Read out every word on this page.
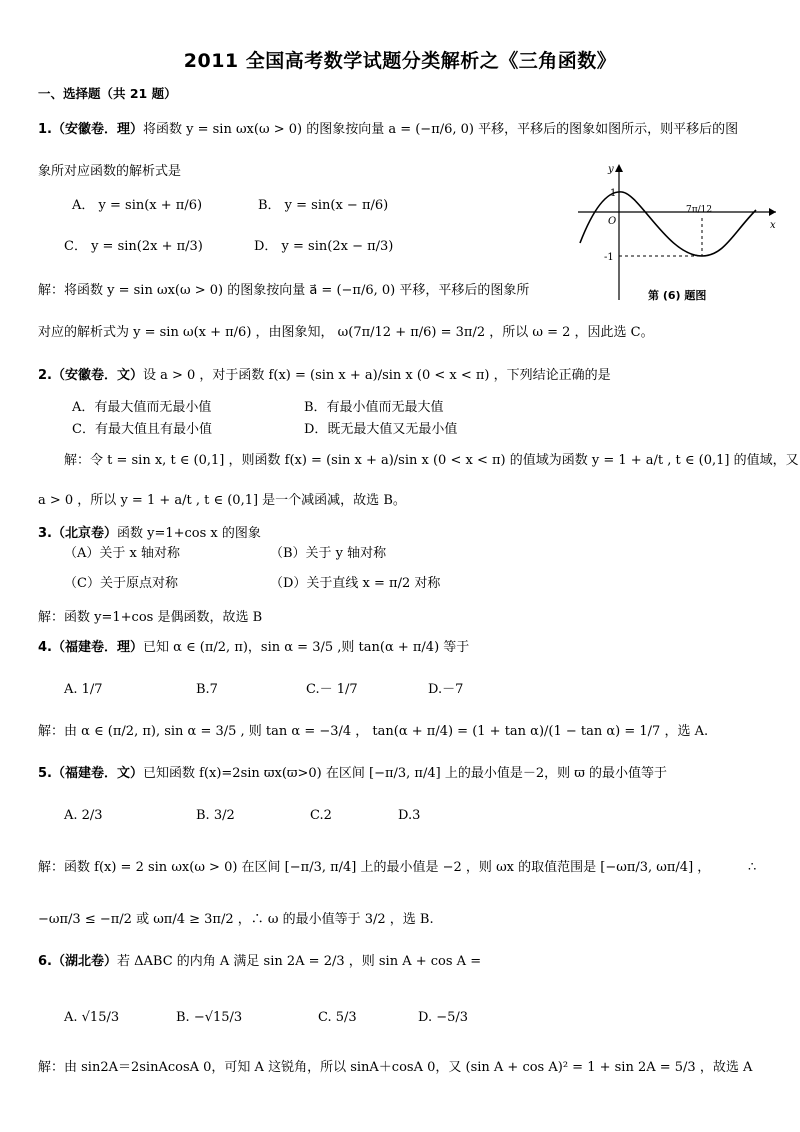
2011 全国高考数学试题分类解析之《三角函数》
一、选择题（共 21 题）
1.（安徽卷．理）将函数 y = sin ωx(ω > 0) 的图象按向量 a = (−π/6, 0) 平移，平移后的图象如图所示，则平移后的图
象所对应函数的解析式是
A． y = sin(x + π/6)	B． y = sin(x − π/6)
C． y = sin(2x + π/3)	D． y = sin(2x − π/3)
解：将函数 y = sin ωx(ω > 0) 的图象按向量 a⃗ = (−π/6, 0) 平移，平移后的图象所
对应的解析式为 y = sin ω(x + π/6) ，由图象知， ω(7π/12 + π/6) = 3π/2 ，所以 ω = 2 ，因此选 C。
y
x
1
O
-1
7π/12
第 (6) 题图
2.（安徽卷．文）设 a > 0 ，对于函数 f(x) = (sin x + a)/sin x (0 < x < π) ，下列结论正确的是
A．有最大值而无最小值	B．有最小值而无最大值
C．有最大值且有最小值	D．既无最大值又无最小值
解：令 t = sin x, t ∈ (0,1] ，则函数 f(x) = (sin x + a)/sin x (0 < x < π) 的值域为函数 y = 1 + a/t , t ∈ (0,1] 的值域，又
a > 0 ，所以 y = 1 + a/t , t ∈ (0,1] 是一个减函减，故选 B。
3.（北京卷）函数 y=1+cos x 的图象
（A）关于 x 轴对称	（B）关于 y 轴对称
（C）关于原点对称	（D）关于直线 x = π/2 对称
解：函数 y=1+cos 是偶函数，故选 B
4.（福建卷．理）已知 α ∈ (π/2, π)，sin α = 3/5 ,则 tan(α + π/4) 等于
A. 1/7	B.7	C.－ 1/7	D.－7
解：由 α ∈ (π/2, π), sin α = 3/5 , 则 tan α = −3/4 ， tan(α + π/4) = (1 + tan α)/(1 − tan α) = 1/7 ，选 A.
5.（福建卷．文）已知函数 f(x)=2sin ϖx(ϖ>0) 在区间 [−π/3, π/4] 上的最小值是－2，则 ϖ 的最小值等于
A. 2/3	B. 3/2	C.2	D.3
解：函数 f(x) = 2 sin ωx(ω > 0) 在区间 [−π/3, π/4] 上的最小值是 −2 ，则 ωx 的取值范围是 [−ωπ/3, ωπ/4] ，	∴
−ωπ/3 ≤ −π/2 或 ωπ/4 ≥ 3π/2 ，∴ ω 的最小值等于 3/2 ，选 B.
6.（湖北卷）若 ΔABC 的内角 A 满足 sin 2A = 2/3 ，则 sin A + cos A =
A. √15/3	B. −√15/3	C. 5/3	D. −5/3
解：由 sin2A＝2sinAcosA 0，可知 A 这锐角，所以 sinA＋cosA 0，又 (sin A + cos A)² = 1 + sin 2A = 5/3 ，故选 A
